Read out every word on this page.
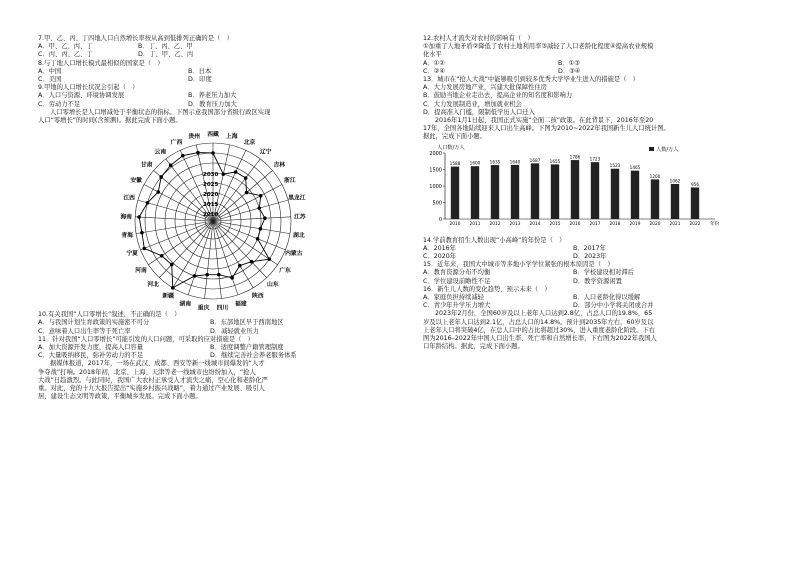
7.甲、乙、丙、丁四地人口自然增长率按从高到低排列正确的是（　）
A．甲、乙、丙、丁	B．丁、丙、乙、甲
C．丙、丙、乙、丁	D．丁、甲、乙、丙
8.与丁地人口增长模式最相似的国家是（　）
A．中国	B．日本
C．美国	D．印度
9.甲地的人口增长状况会引起（　）
A．人口与资源、环境协调发展	B．养老压力加大
C．劳动力不足	D．教育压力加大
人口零增长是人口增减处于平衡状态的指标。下图示意我国部分省级行政区实现
人口“零增长”的时间(含预测)。据此完成下面小题。
2010
2015
2020
2025
2030
西藏 上海
北京
辽宁
吉林
浙江
黑龙江
江苏
湖北
内蒙古
广东
山东
陕西
福建
四川
重庆
湖南
新疆
河北
河南
宁夏
青海
海南
江西
安徽
甘肃
云南
广西
贵州
10.有关我国“人口零增长”叙述，不正确的是（　）
A．与我国计划生育政策的实施密不可分	B．东部地区早于西南地区
C．意味着人口出生率等于死亡率	D．减轻就业压力
11．针对我国“人口零增长”可能引发的人口问题，可采取的应对措施是（　）
A．加大资源开发力度，提高人口容量	B．适度调整户籍管理制度
C．大量吸纳移民，弥补劳动力的不足	D．继续完善社会养老服务体系
据媒体报道，2017年，一场在武汉、成都、西安等新一线城市间爆发的“人才
争夺战”打响。2018年初，北京、上海、天津等老一线城市也纷纷加入，“抢人
大战”日趋激烈。与此同时，我国广大农村正承受人才流失之痛，空心化和老龄化严
重。对此，党的十九大报告提出“实施乡村振兴战略”，着力通过产业发展、吸引人
居、建设生态文明等政策，平衡城乡发展。完成下面小题。
12.农村人才流失对农村的影响有（　）
①加重了人地矛盾②降低了农村土地利用率③减轻了人口老龄化程度④提高农业规模
化水平
A．①②	B．①③
C．②④	D．③④
13．城市在“抢人大战”中能够吸引到较多优秀大学毕业生进入的措施是（　）
A．大力发展房地产业，兴建大批保障性住房
B．鼓励当地企业走出去，提高企业的知名度和影响力
C．大力发展制造业，增加就业机会
D．提高准入门槛，限制低学历人口迁入
2016年1月1日起，我国正式实施“全面二孩”政策。在此背景下，2016年至20
17年，全国各地陆续迎来人口出生高峰。下图为2010~2022年我国新生儿人口统计图。
据此，完成下面小题。
人口数/万人
0
500
1000
1500
2000
人数/万人
1588
2010
1600
2011
1635
2012
1640
2013
1687
2014
1655
2015
1786
2016
1723
2017
1523
2018
1465
2019
1200
2020
1062
2021
956
2022 年份
14.学前教育招生人数出现“小高峰”的年份是（　）
A．2016年	B．2017年
C．2020年	D．2023年
15．近年来，我国大中城市等多地小学学位紧张的根本原因是（　）
A．教育资源分布不均衡	B．学校建设相对滞后
C．学位建设前瞻性不足	D．教学资源闲置
16．新生儿人数的变化趋势，预示未来（　）
A．家庭负担持续减轻	B．人口老龄化得以缓解
C．青少年升学压力增大	D．部分中小学将关闭或合并
2023年2月份，全国60岁及以上老年人口达到2.8亿，占总人口的19.8%，65
岁及以上老年人口达到2.1亿，占总人口的14.8%。预计到2035年左右，60岁及以
上老年人口将突破4亿，在总人口中的占比将超过30%，进入重度老龄化阶段。下右
图为2016–2022年中国人口出生率、死亡率和自然增长率，下右图为2022年我国人
口年龄结构。据此，完成下面小题。
